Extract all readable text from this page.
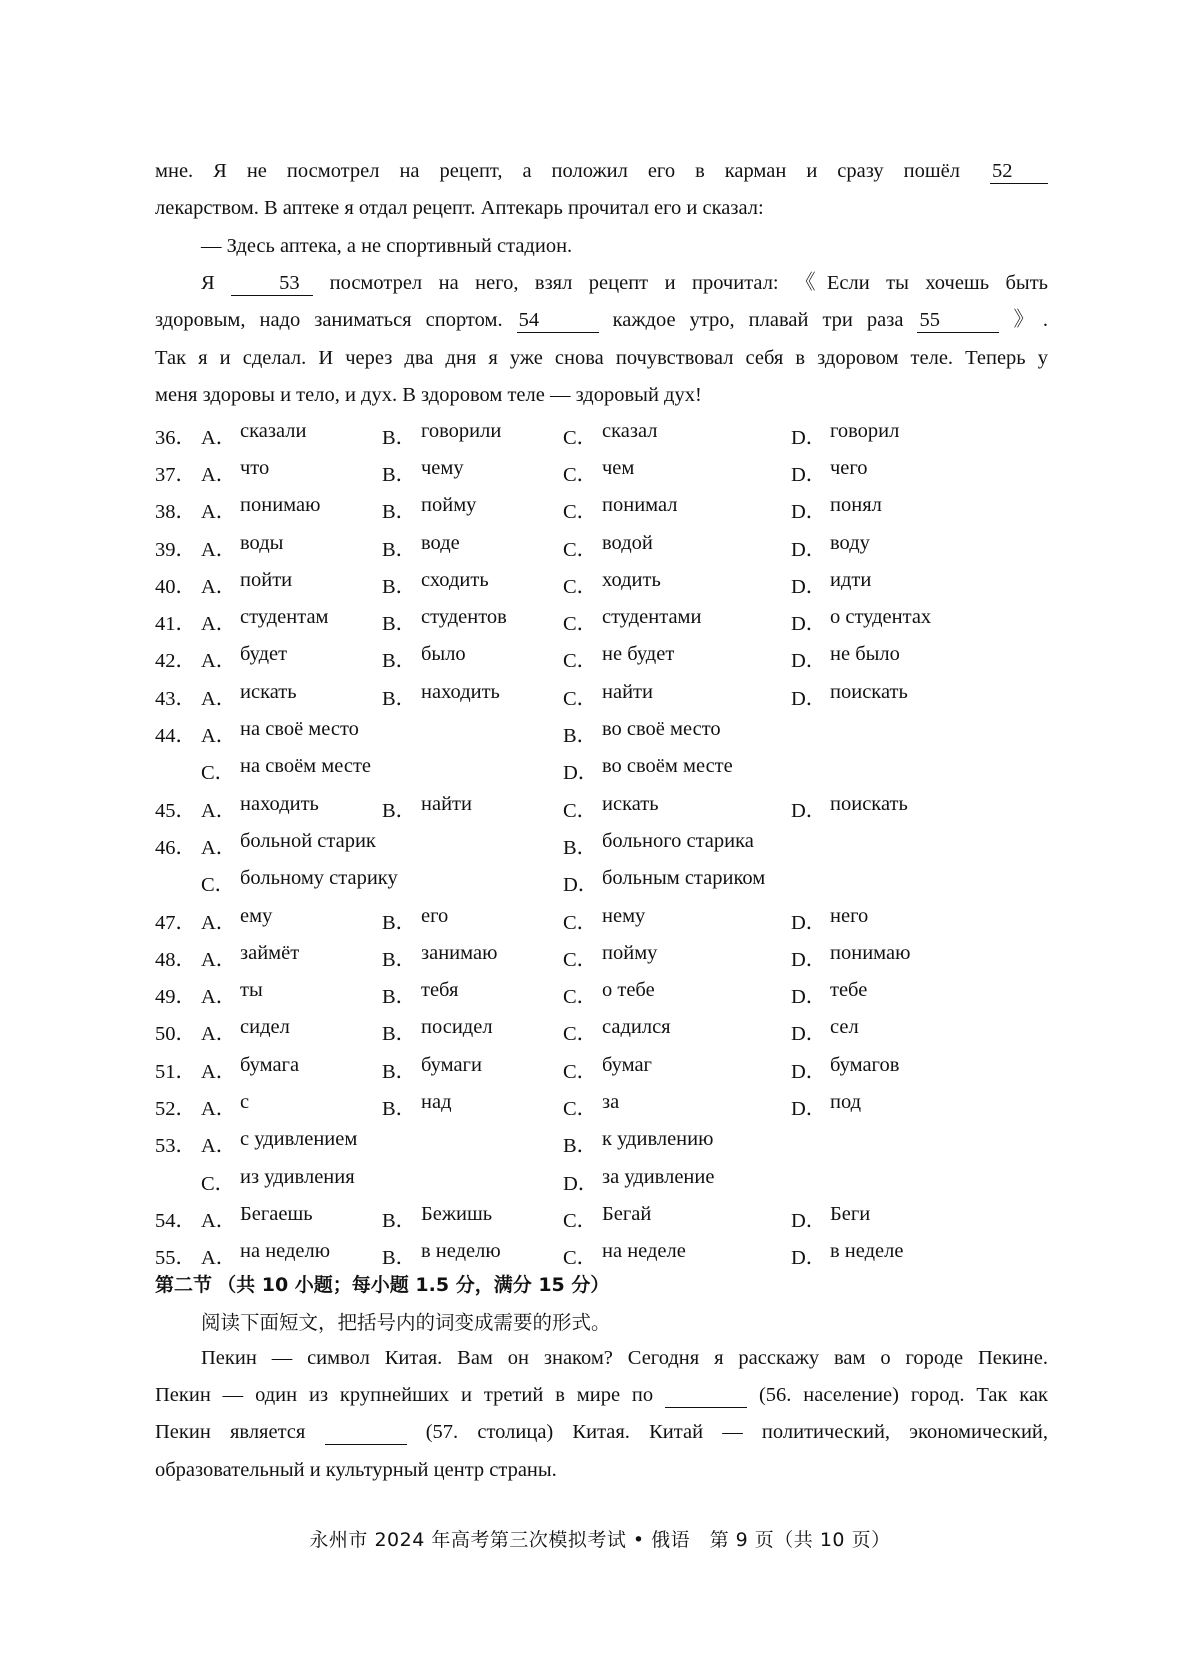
мне. Я не посмотрел на рецепт, а положил его в карман и сразу пошёл 52
лекарством. В аптеке я отдал рецепт. Аптекарь прочитал его и сказал:
— Здесь аптека, а не спортивный стадион.
Я	53 посмотрел на него, взял рецепт и прочитал: 《Если ты хочешь быть
здоровым, надо заниматься спортом. 54	каждое утро, плавай три раза 55	》.
Так я и сделал. И через два дня я уже снова почувствовал себя в здоровом теле. Теперь у
меня здоровы и тело, и дух. В здоровом теле — здоровый дух!
36． A． сказали	B． говорили	C． сказал	D． говорил
37． A． что	B． чему	C． чем	D． чего
38． A． понимаю	B． пойму	C． понимал	D． понял
39． A． воды	B． воде	C． водой	D． воду
40． A． пойти	B． сходить	C． ходить	D． идти
41． A． студентам	B． студентов	C． студентами	D． о студентах
42． A． будет	B． было	C． не будет	D． не было
43． A． искать	B． находить	C． найти	D． поискать
44． A． на своё место	B． во своё место
C． на своём месте	D． во своём месте
45． A． находить	B． найти	C． искать	D． поискать
46． A． больной старик	B． больного старика
C． больному старику	D． больным стариком
47． A． ему	B． его	C． нему	D． него
48． A． займёт	B． занимаю	C． пойму	D． понимаю
49． A． ты	B． тебя	C． о тебе	D． тебе
50． A． сидел	B． посидел	C． садился	D． сел
51． A． бумага	B． бумаги	C． бумаг	D． бумагов
52． A． с	B． над	C． за	D． под
53． A． с удивлением	B． к удивлению
C． из удивления	D． за удивление
54． A． Бегаешь	B． Бежишь	C． Бегай	D． Беги
55． A． на неделю	B． в неделю	C． на неделе	D． в неделе
第二节 （共 10 小题；每小题 1.5 分，满分 15 分）
阅读下面短文，把括号内的词变成需要的形式。
Пекин — символ Китая. Вам он знаком? Сегодня я расскажу вам о городе Пекине.
Пекин — один из крупнейших и третий в мире по	(56. население) город. Так как
Пекин является	(57. столица) Китая. Китай — политический, экономический,
образовательный и культурный центр страны.
永州市 2024 年高考第三次模拟考试 • 俄语　第 9 页（共 10 页）
